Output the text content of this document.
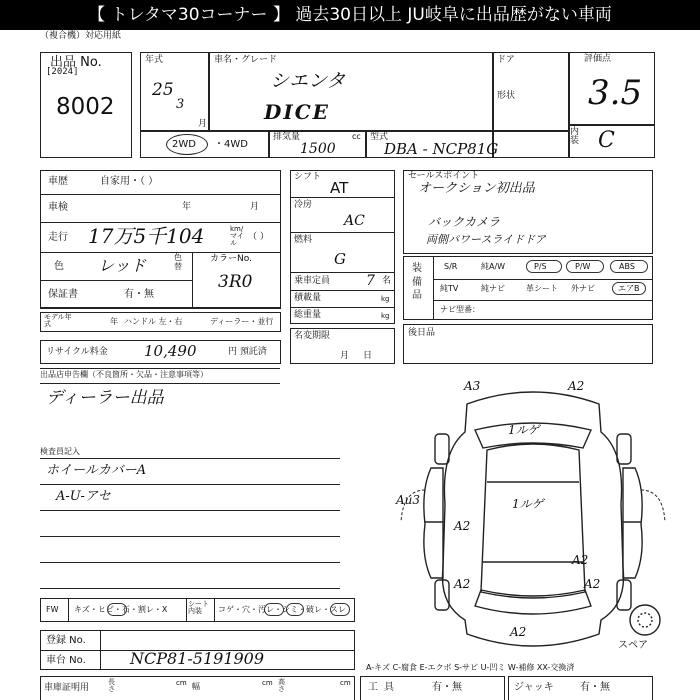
【 トレタマ30コーナー 】 過去30日以上 JU岐阜に出品歴がない車両
（複合機）対応用紙
出品 No.
[2024]
8002
年式
25
3
月
車名・グレード
シエンタ
DICE
ドア
形状
評価点
3.5
内装 C
2WD ・4WD
排気量	cc
1500
型式
DBA - NCP81G
車歴	自家用・（ ）
車検	年	月
走行 17万5千104	km/マイル
（ ）
色 レッド	色替
カラーNo.
3R0
保証書	有・無
モデル年式	年 ハンドル 左・右	ディーラー・並行
リサイクル料金 10,490	円 預託済
シフト
AT
冷房
AC
燃料
G
乗車定員	7 名
積載量	kg
総重量	kg
名変期限
月日
セールスポイント
オークション初出品
バックカメラ
両側パワースライドドア
装備品
S/R	純A/W	P/S	P/W	ABS
純TV	純ナビ	革シート 外ナビ	エアB
ナビ型番：
後日品
出品店申告欄（不良箇所・欠品・注意事項等）
ディーラー出品
検査員記入
ホイールカバーA
A-U-アセ
FW キズ・ヒビ・石・割レ・X
シート内装	コゲ・穴・汚レ・シミ・破レ・スレ
登録 No.
車台 No.	NCP81-5191909
車庫証明用
長さ
cm 幅	cm 高さ
cm
A-キズ C-腐食 E-エクボ S-サビ U-凹ミ W-補修 XX-交換済
工具	有・無	ジャッキ	有・無
A3	A2
1ルゲ
Au3
A2
1ルゲ
A2
A2
A2
A2
スペア
